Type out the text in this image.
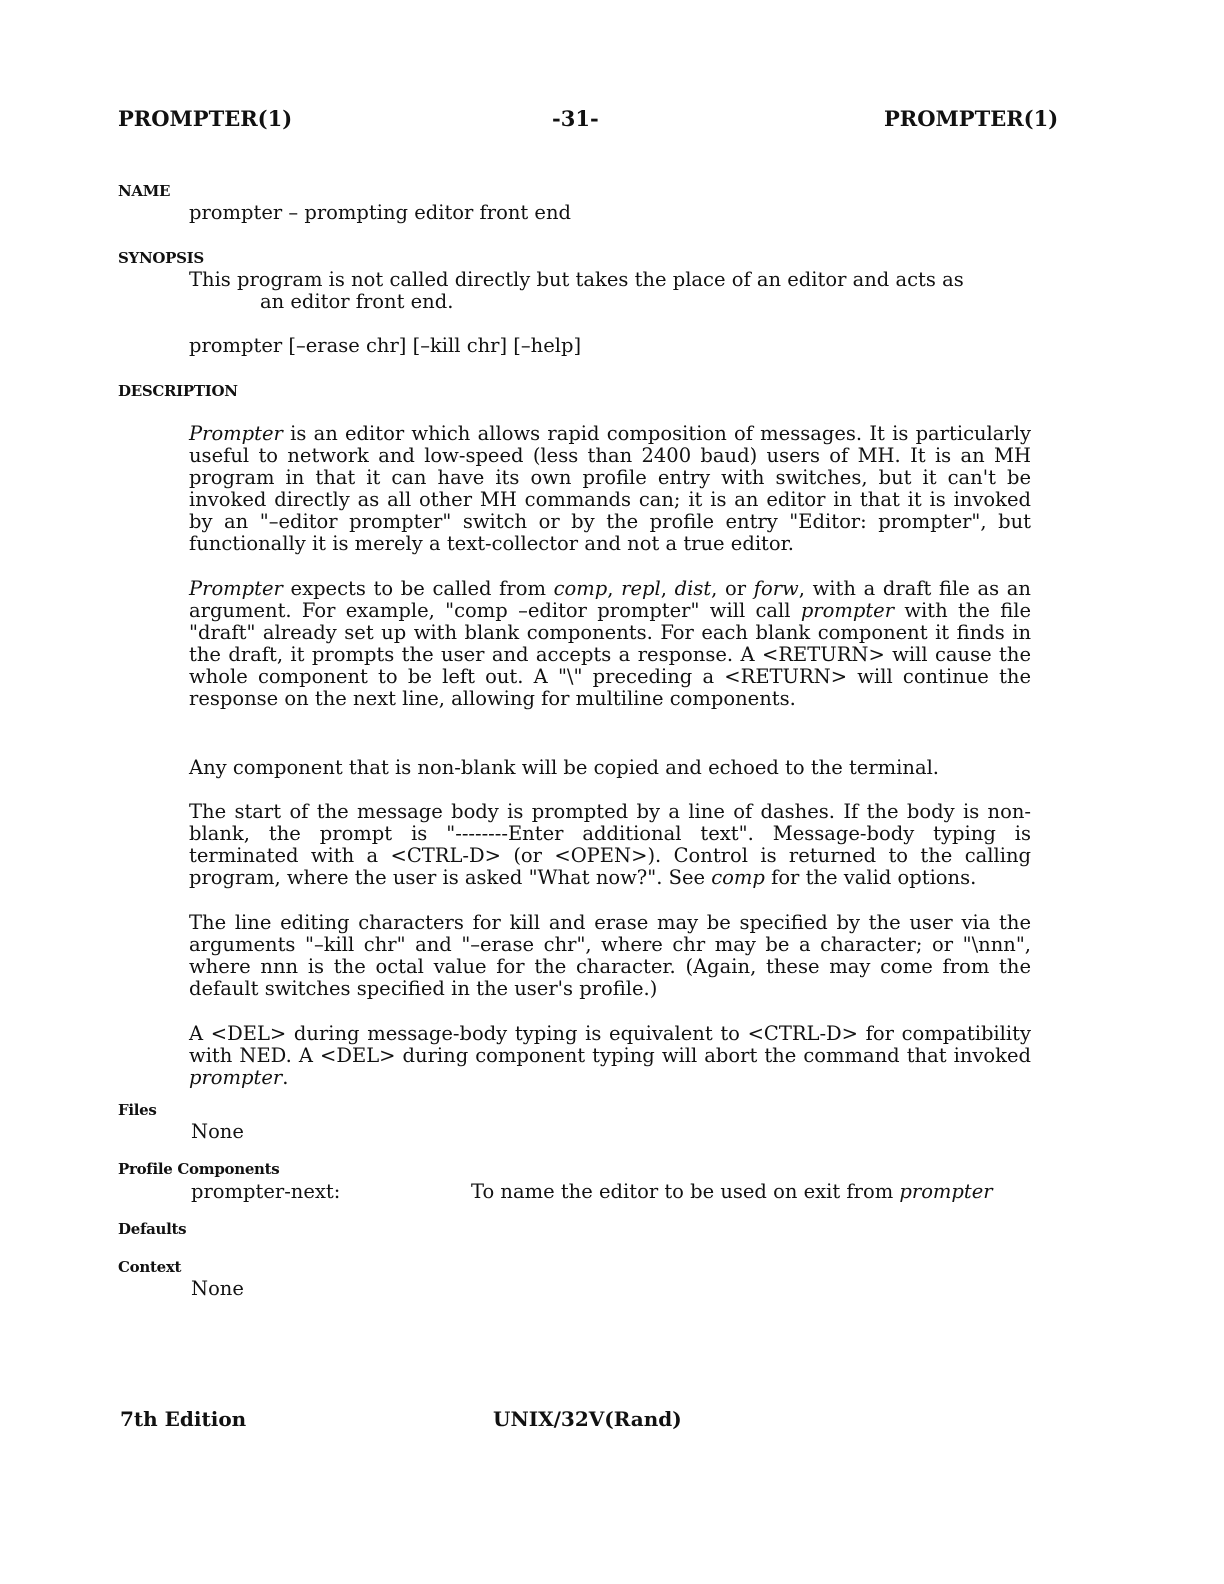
PROMPTER(1)	-31-	PROMPTER(1)
NAME
prompter – prompting editor front end
SYNOPSIS
This program is not called directly but takes the place of an editor and acts as
an editor front end.
prompter [–erase chr] [–kill chr] [–help]
DESCRIPTION
Prompter is an editor which allows rapid composition of messages. It is particularly useful to network and low-speed (less than 2400 baud) users of MH. It is an MH program in that it can have its own profile entry with switches, but it can't be invoked directly as all other MH commands can; it is an editor in that it is invoked by an "–editor prompter" switch or by the profile entry "Editor: prompter", but functionally it is merely a text-collector and not a true editor.
Prompter expects to be called from comp, repl, dist, or forw, with a draft file as an argument. For example, "comp –editor prompter" will call prompter with the file "draft" already set up with blank components. For each blank component it finds in the draft, it prompts the user and accepts a response. A <RETURN> will cause the whole component to be left out. A "\" preceding a <RETURN> will continue the response on the next line, allowing for multiline components.
Any component that is non-blank will be copied and echoed to the terminal.
The start of the message body is prompted by a line of dashes. If the body is non-blank, the prompt is "--------Enter additional text". Message-body typing is terminated with a <CTRL-D> (or <OPEN>). Control is returned to the calling program, where the user is asked "What now?". See comp for the valid options.
The line editing characters for kill and erase may be specified by the user via the arguments "–kill chr" and "–erase chr", where chr may be a character; or "\nnn", where nnn is the octal value for the character. (Again, these may come from the default switches specified in the user's profile.)
A <DEL> during message-body typing is equivalent to <CTRL-D> for compatibility with NED. A <DEL> during component typing will abort the command that invoked prompter.
Files
None
Profile Components
prompter-next:	To name the editor to be used on exit from prompter
Defaults
Context
None
7th Edition	UNIX/32V(Rand)
